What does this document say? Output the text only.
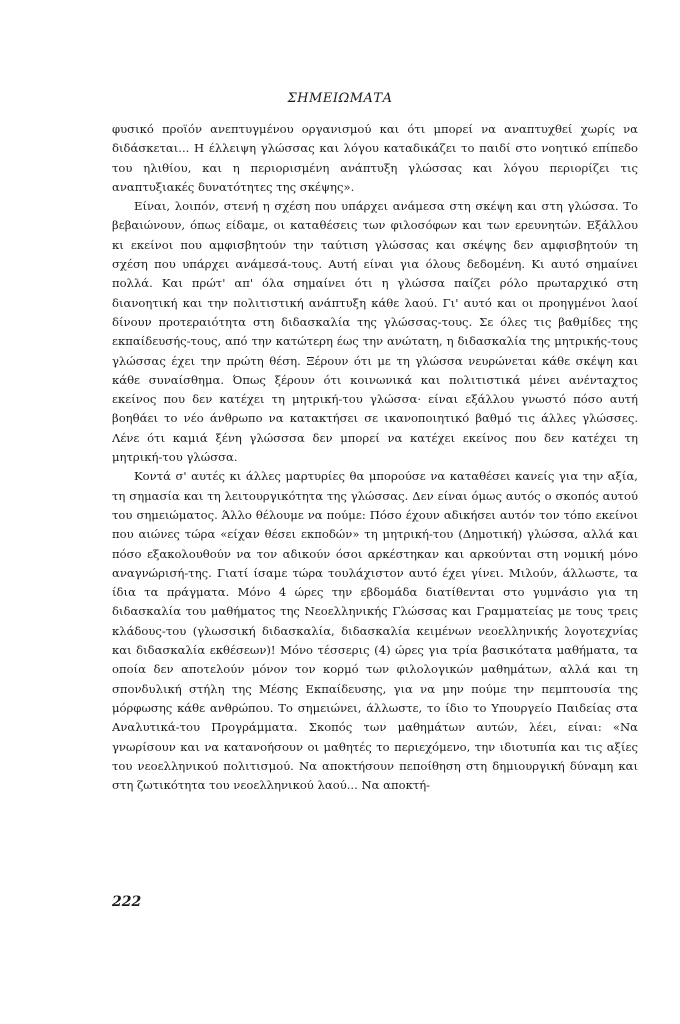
ΣΗΜΕΙΩΜΑΤΑ

φυσικό προϊόν ανεπτυγμένου οργανισμού και ότι μπορεί να αναπτυχθεί χωρίς να διδάσκεται... Η έλλειψη γλώσσας και λόγου καταδικάζει το παιδί στο νοητικό επίπεδο του ηλιθίου, και η περιορισμένη ανάπτυξη γλώσσας και λόγου περιορίζει τις αναπτυξιακές δυνατότητες της σκέψης».

Είναι, λοιπόν, στενή η σχέση που υπάρχει ανάμεσα στη σκέψη και στη γλώσσα. Το βεβαιώνουν, όπως είδαμε, οι καταθέσεις των φιλοσόφων και των ερευνητών. Εξάλλου κι εκείνοι που αμφισβητούν την ταύτιση γλώσσας και σκέψης δεν αμφισβητούν τη σχέση που υπάρχει ανάμεσά-τους. Αυτή είναι για όλους δεδομένη. Κι αυτό σημαίνει πολλά. Και πρώτ' απ' όλα σημαίνει ότι η γλώσσα παίζει ρόλο πρωταρχικό στη διανοητική και την πολιτιστική ανάπτυξη κάθε λαού. Γι' αυτό και οι προηγμένοι λαοί δίνουν προτεραιότητα στη διδασκαλία της γλώσσας-τους. Σε όλες τις βαθμίδες της εκπαίδευσής-τους, από την κατώτερη έως την ανώτατη, η διδασκαλία της μητρικής-τους γλώσσας έχει την πρώτη θέση. Ξέρουν ότι με τη γλώσσα νευρώνεται κάθε σκέψη και κάθε συναίσθημα. Όπως ξέρουν ότι κοινωνικά και πολιτιστικά μένει ανένταχτος εκείνος που δεν κατέχει τη μητρική-του γλώσσα· είναι εξάλλου γνωστό πόσο αυτή βοηθάει το νέο άνθρωπο να κατακτήσει σε ικανοποιητικό βαθμό τις άλλες γλώσσες. Λένε ότι καμιά ξένη γλώσσσα δεν μπορεί να κατέχει εκείνος που δεν κατέχει τη μητρική-του γλώσσα.

Κοντά σ' αυτές κι άλλες μαρτυρίες θα μπορούσε να καταθέσει κανείς για την αξία, τη σημασία και τη λειτουργικότητα της γλώσσας. Δεν είναι όμως αυτός ο σκοπός αυτού του σημειώματος. Άλλο θέλουμε να πούμε: Πόσο έχουν αδικήσει αυτόν τον τόπο εκείνοι που αιώνες τώρα «είχαν θέσει εκποδών» τη μητρική-του (Δημοτική) γλώσσα, αλλά και πόσο εξακολουθούν να τον αδικούν όσοι αρκέστηκαν και αρκούνται στη νομική μόνο αναγνώρισή-της. Γιατί ίσαμε τώρα τουλάχιστον αυτό έχει γίνει. Μιλούν, άλλωστε, τα ίδια τα πράγματα. Μόνο 4 ώρες την εβδομάδα διατίθενται στο γυμνάσιο για τη διδασκαλία του μαθήματος της Νεοελληνικής Γλώσσας και Γραμματείας με τους τρεις κλάδους-του (γλωσσική διδασκαλία, διδασκαλία κειμένων νεοελληνικής λογοτεχνίας και διδασκαλία εκθέσεων)! Μόνο τέσσερις (4) ώρες για τρία βασικότατα μαθήματα, τα οποία δεν αποτελούν μόνον τον κορμό των φιλολογικών μαθημάτων, αλλά και τη σπονδυλική στήλη της Μέσης Εκπαίδευσης, για να μην πούμε την πεμπτουσία της μόρφωσης κάθε ανθρώπου. Το σημειώνει, άλλωστε, το ίδιο το Υπουργείο Παιδείας στα Αναλυτικά-του Προγράμματα. Σκοπός των μαθημάτων αυτών, λέει, είναι: «Να γνωρίσουν και να κατανοήσουν οι μαθητές το περιεχόμενο, την ιδιοτυπία και τις αξίες του νεοελληνικού πολιτισμού. Να αποκτήσουν πεποίθηση στη δημιουργική δύναμη και στη ζωτικότητα του νεοελληνικού λαού... Να αποκτή-

222
